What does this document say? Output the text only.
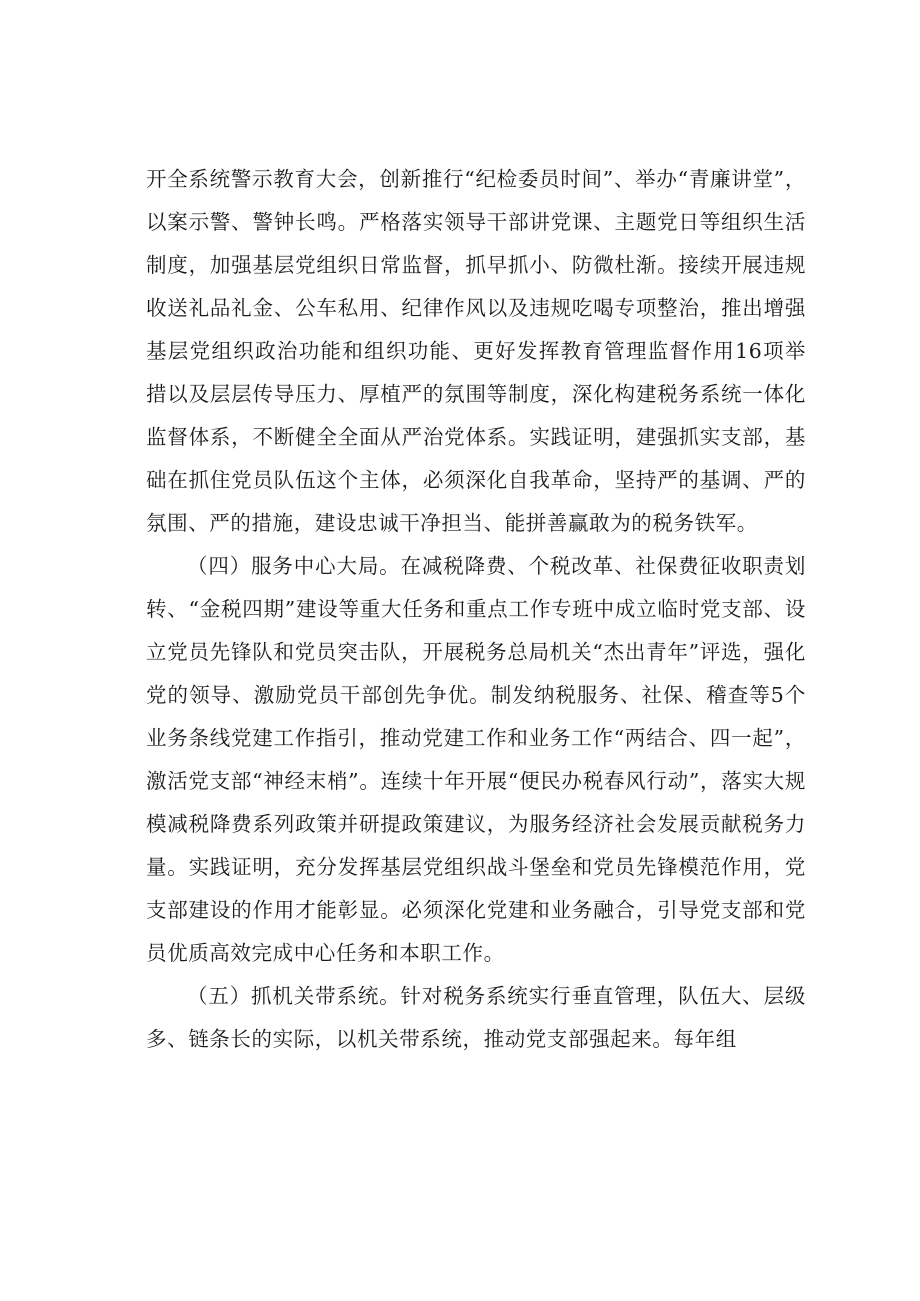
开全系统警示教育大会，创新推行“纪检委员时间”、举办“青廉讲堂”，以案示警、警钟长鸣。严格落实领导干部讲党课、主题党日等组织生活制度，加强基层党组织日常监督，抓早抓小、防微杜渐。接续开展违规收送礼品礼金、公车私用、纪律作风以及违规吃喝专项整治，推出增强基层党组织政治功能和组织功能、更好发挥教育管理监督作用16项举措以及层层传导压力、厚植严的氛围等制度，深化构建税务系统一体化监督体系，不断健全全面从严治党体系。实践证明，建强抓实支部，基础在抓住党员队伍这个主体，必须深化自我革命，坚持严的基调、严的氛围、严的措施，建设忠诚干净担当、能拼善赢敢为的税务铁军。

（四）服务中心大局。在减税降费、个税改革、社保费征收职责划转、“金税四期”建设等重大任务和重点工作专班中成立临时党支部、设立党员先锋队和党员突击队，开展税务总局机关“杰出青年”评选，强化党的领导、激励党员干部创先争优。制发纳税服务、社保、稽查等5个业务条线党建工作指引，推动党建工作和业务工作“两结合、四一起”，激活党支部“神经末梢”。连续十年开展“便民办税春风行动”，落实大规模减税降费系列政策并研提政策建议，为服务经济社会发展贡献税务力量。实践证明，充分发挥基层党组织战斗堡垒和党员先锋模范作用，党支部建设的作用才能彰显。必须深化党建和业务融合，引导党支部和党员优质高效完成中心任务和本职工作。

（五）抓机关带系统。针对税务系统实行垂直管理，队伍大、层级多、链条长的实际，以机关带系统，推动党支部强起来。每年组
